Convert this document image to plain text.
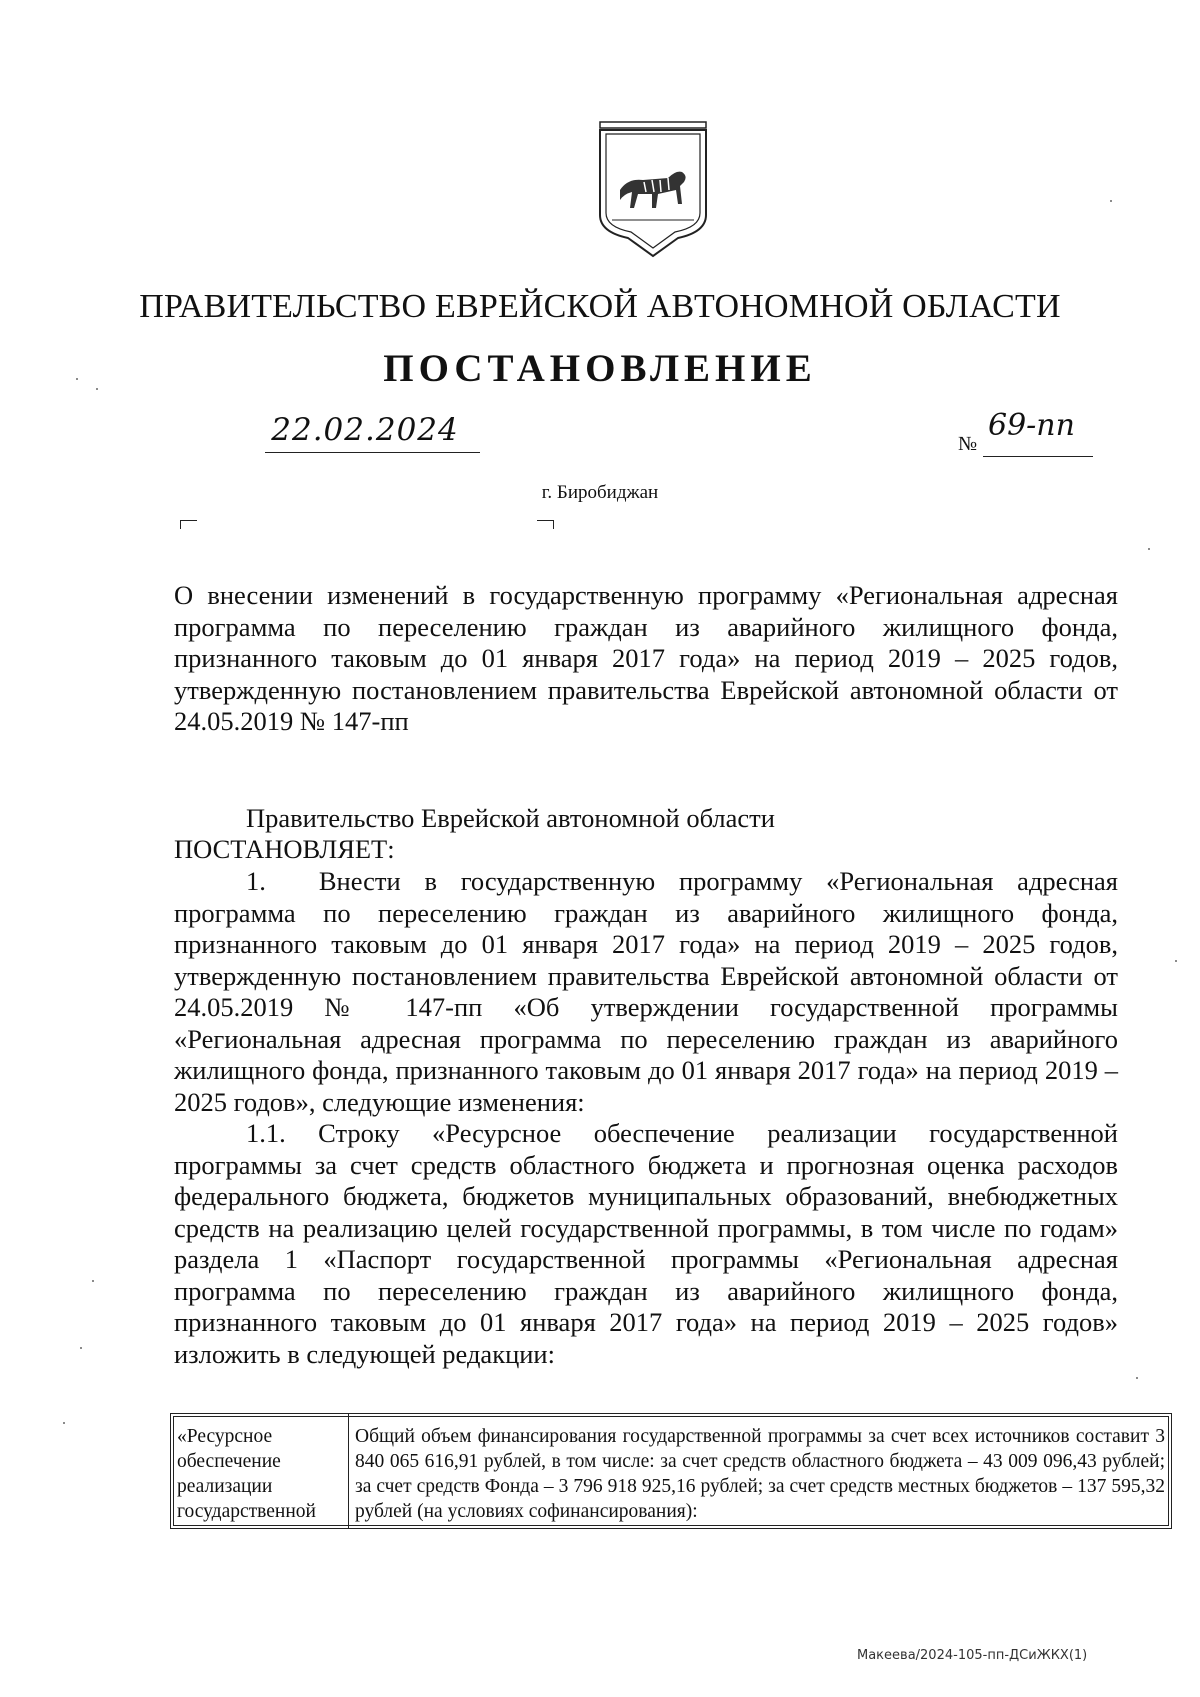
ПРАВИТЕЛЬСТВО ЕВРЕЙСКОЙ АВТОНОМНОЙ ОБЛАСТИ
ПОСТАНОВЛЕНИЕ
22.02.2024	№
69-пп
г. Биробиджан
О внесении изменений в государственную программу «Региональная адресная программа по переселению граждан из аварийного жилищного фонда, признанного таковым до 01 января 2017 года» на период 2019 – 2025 годов, утвержденную постановлением правительства Еврейской автономной области от 24.05.2019 № 147-пп
Правительство Еврейской автономной области
ПОСТАНОВЛЯЕТ:
1.  Внести в государственную программу «Региональная адресная программа по переселению граждан из аварийного жилищного фонда, признанного таковым до 01 января 2017 года» на период 2019 – 2025 годов, утвержденную постановлением правительства Еврейской автономной области от 24.05.2019 № 147-пп «Об утверждении государственной программы «Региональная адресная программа по переселению граждан из аварийного жилищного фонда, признанного таковым до 01 января 2017 года» на период 2019 – 2025 годов», следующие изменения:
1.1. Строку «Ресурсное обеспечение реализации государственной программы за счет средств областного бюджета и прогнозная оценка расходов федерального бюджета, бюджетов муниципальных образований, внебюджетных средств на реализацию целей государственной программы, в том числе по годам» раздела 1 «Паспорт государственной программы «Региональная адресная программа по переселению граждан из аварийного жилищного фонда, признанного таковым до 01 января 2017 года» на период 2019 – 2025 годов» изложить в следующей редакции:
«Ресурсное обеспечение реализации государственной	Общий объем финансирования государственной программы за счет всех источников составит 3 840 065 616,91 рублей, в том числе: за счет средств областного бюджета – 43 009 096,43 рублей; за счет средств Фонда – 3 796 918 925,16 рублей; за счет средств местных бюджетов – 137 595,32 рублей (на условиях софинансирования):
Макеева/2024-105-пп-ДСиЖКХ(1)
